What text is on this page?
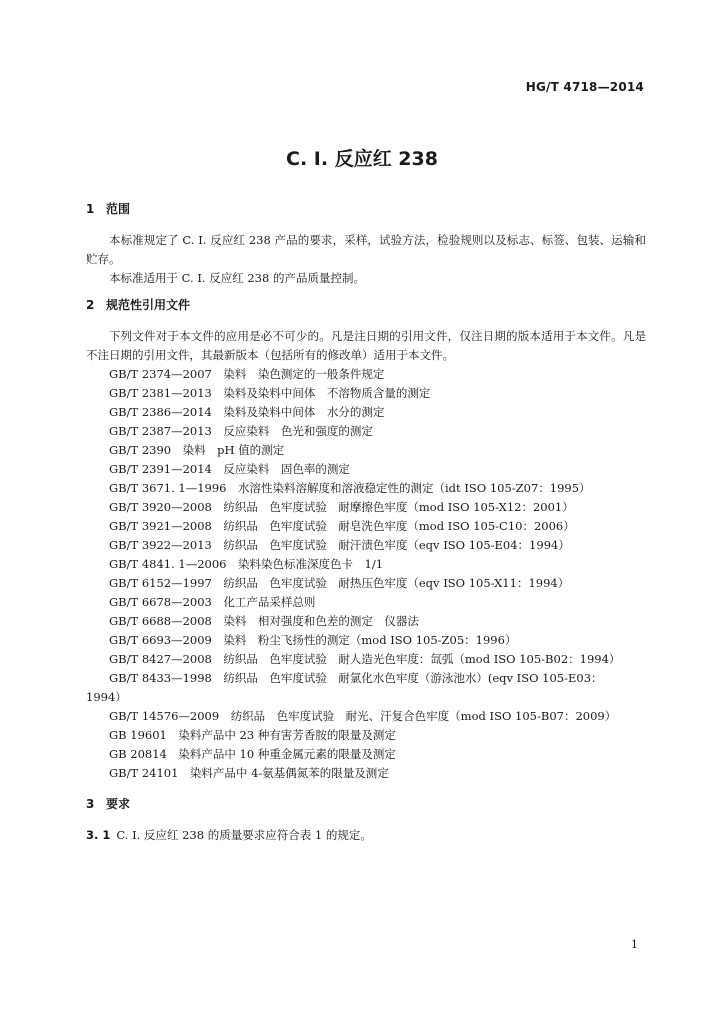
HG/T 4718—2014
C. I. 反应红 238

1 范围

本标准规定了 C. I. 反应红 238 产品的要求，采样，试验方法，检验规则以及标志、标签、包装、运输和贮存。

本标准适用于 C. I. 反应红 238 的产品质量控制。

2 规范性引用文件

下列文件对于本文件的应用是必不可少的。凡是注日期的引用文件，仅注日期的版本适用于本文件。凡是不注日期的引用文件，其最新版本（包括所有的修改单）适用于本文件。

GB/T 2374—2007　染料　染色测定的一般条件规定
GB/T 2381—2013　染料及染料中间体　不溶物质含量的测定
GB/T 2386—2014　染料及染料中间体　水分的测定
GB/T 2387—2013　反应染料　色光和强度的测定
GB/T 2390　染料　pH 值的测定
GB/T 2391—2014　反应染料　固色率的测定
GB/T 3671. 1—1996　水溶性染料溶解度和溶液稳定性的测定（idt ISO 105-Z07：1995）
GB/T 3920—2008　纺织品　色牢度试验　耐摩擦色牢度（mod ISO 105-X12：2001）
GB/T 3921—2008　纺织品　色牢度试验　耐皂洗色牢度（mod ISO 105-C10：2006）
GB/T 3922—2013　纺织品　色牢度试验　耐汗渍色牢度（eqv ISO 105-E04：1994）
GB/T 4841. 1—2006　染料染色标准深度色卡　1/1
GB/T 6152—1997　纺织品　色牢度试验　耐热压色牢度（eqv ISO 105-X11：1994）
GB/T 6678—2003　化工产品采样总则
GB/T 6688—2008　染料　相对强度和色差的测定　仪器法
GB/T 6693—2009　染料　粉尘飞扬性的测定（mod ISO 105-Z05：1996）
GB/T 8427—2008　纺织品　色牢度试验　耐人造光色牢度：氙弧（mod ISO 105-B02：1994）
GB/T 8433—1998　纺织品　色牢度试验　耐氯化水色牢度（游泳池水）(eqv ISO 105-E03：
1994）
GB/T 14576—2009　纺织品　色牢度试验　耐光、汗复合色牢度（mod ISO 105-B07：2009）
GB 19601　染料产品中 23 种有害芳香胺的限量及测定
GB 20814　染料产品中 10 种重金属元素的限量及测定
GB/T 24101　染料产品中 4-氨基偶氮苯的限量及测定

3 要求

3. 1 C. I. 反应红 238 的质量要求应符合表 1 的规定。

1
